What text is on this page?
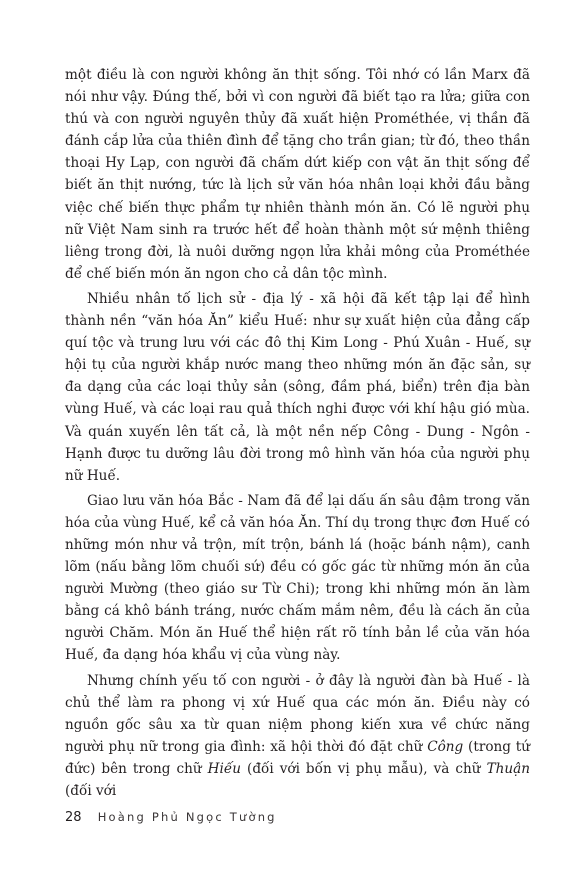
một điều là con người không ăn thịt sống. Tôi nhớ có lần Marx đã nói như vậy. Đúng thế, bởi vì con người đã biết tạo ra lửa; giữa con thú và con người nguyên thủy đã xuất hiện Prométhée, vị thần đã đánh cắp lửa của thiên đình để tặng cho trần gian; từ đó, theo thần thoại Hy Lạp, con người đã chấm dứt kiếp con vật ăn thịt sống để biết ăn thịt nướng, tức là lịch sử văn hóa nhân loại khởi đầu bằng việc chế biến thực phẩm tự nhiên thành món ăn. Có lẽ người phụ nữ Việt Nam sinh ra trước hết để hoàn thành một sứ mệnh thiêng liêng trong đời, là nuôi dưỡng ngọn lửa khải mông của Prométhée để chế biến món ăn ngon cho cả dân tộc mình.

Nhiều nhân tố lịch sử - địa lý - xã hội đã kết tập lại để hình thành nền “văn hóa Ăn” kiểu Huế: như sự xuất hiện của đẳng cấp quí tộc và trung lưu với các đô thị Kim Long - Phú Xuân - Huế, sự hội tụ của người khắp nước mang theo những món ăn đặc sản, sự đa dạng của các loại thủy sản (sông, đầm phá, biển) trên địa bàn vùng Huế, và các loại rau quả thích nghi được với khí hậu gió mùa. Và quán xuyến lên tất cả, là một nền nếp Công - Dung - Ngôn - Hạnh được tu dưỡng lâu đời trong mô hình văn hóa của người phụ nữ Huế.

Giao lưu văn hóa Bắc - Nam đã để lại dấu ấn sâu đậm trong văn hóa của vùng Huế, kể cả văn hóa Ăn. Thí dụ trong thực đơn Huế có những món như vả trộn, mít trộn, bánh lá (hoặc bánh nậm), canh lõm (nấu bằng lõm chuối sứ) đều có gốc gác từ những món ăn của người Mường (theo giáo sư Từ Chi); trong khi những món ăn làm bằng cá khô bánh tráng, nước chấm mắm nêm, đều là cách ăn của người Chăm. Món ăn Huế thể hiện rất rõ tính bản lề của văn hóa Huế, đa dạng hóa khẩu vị của vùng này.

Nhưng chính yếu tố con người - ở đây là người đàn bà Huế - là chủ thể làm ra phong vị xứ Huế qua các món ăn. Điều này có nguồn gốc sâu xa từ quan niệm phong kiến xưa về chức năng người phụ nữ trong gia đình: xã hội thời đó đặt chữ Công (trong tứ đức) bên trong chữ Hiếu (đối với bốn vị phụ mẫu), và chữ Thuận (đối với

28 Hoàng Phủ Ngọc Tường
